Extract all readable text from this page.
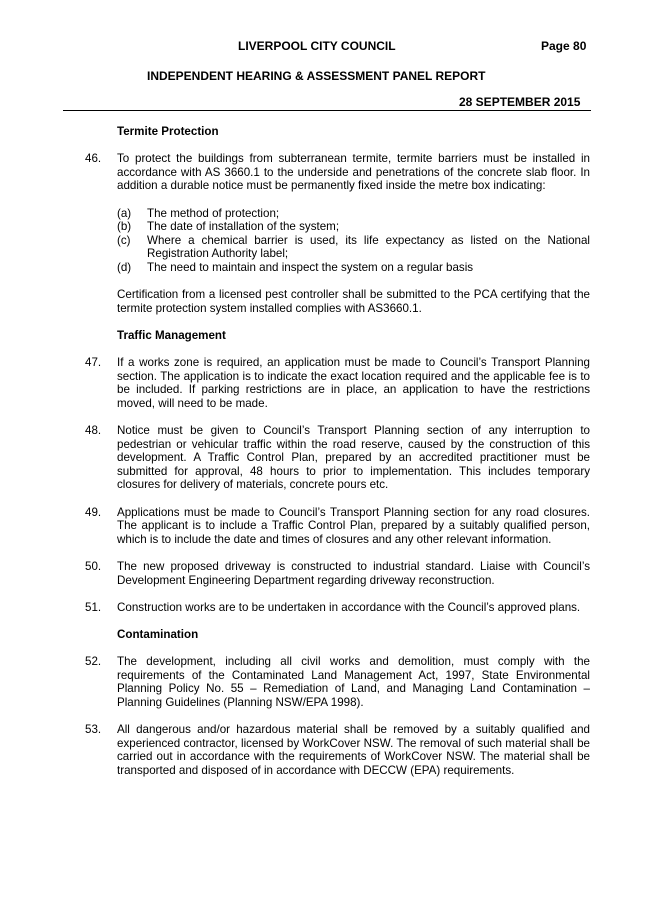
LIVERPOOL CITY COUNCIL	Page 80
INDEPENDENT HEARING & ASSESSMENT PANEL REPORT
28 SEPTEMBER 2015
Termite Protection
46.	To protect the buildings from subterranean termite, termite barriers must be installed in accordance with AS 3660.1 to the underside and penetrations of the concrete slab floor. In addition a durable notice must be permanently fixed inside the metre box indicating:

(a)	The method of protection;
(b)	The date of installation of the system;
(c)	Where a chemical barrier is used, its life expectancy as listed on the National Registration Authority label;
(d)	The need to maintain and inspect the system on a regular basis

Certification from a licensed pest controller shall be submitted to the PCA certifying that the termite protection system installed complies with AS3660.1.

Traffic Management
47.	If a works zone is required, an application must be made to Council’s Transport Planning section. The application is to indicate the exact location required and the applicable fee is to be included. If parking restrictions are in place, an application to have the restrictions moved, will need to be made.
48.	Notice must be given to Council’s Transport Planning section of any interruption to pedestrian or vehicular traffic within the road reserve, caused by the construction of this development. A Traffic Control Plan, prepared by an accredited practitioner must be submitted for approval, 48 hours to prior to implementation. This includes temporary closures for delivery of materials, concrete pours etc.
49.	Applications must be made to Council’s Transport Planning section for any road closures. The applicant is to include a Traffic Control Plan, prepared by a suitably qualified person, which is to include the date and times of closures and any other relevant information.
50.	The new proposed driveway is constructed to industrial standard. Liaise with Council’s Development Engineering Department regarding driveway reconstruction.
51.	Construction works are to be undertaken in accordance with the Council’s approved plans.
Contamination
52.	The development, including all civil works and demolition, must comply with the requirements of the Contaminated Land Management Act, 1997, State Environmental Planning Policy No. 55 – Remediation of Land, and Managing Land Contamination – Planning Guidelines (Planning NSW/EPA 1998).
53.	All dangerous and/or hazardous material shall be removed by a suitably qualified and experienced contractor, licensed by WorkCover NSW. The removal of such material shall be carried out in accordance with the requirements of WorkCover NSW. The material shall be transported and disposed of in accordance with DECCW (EPA) requirements.
